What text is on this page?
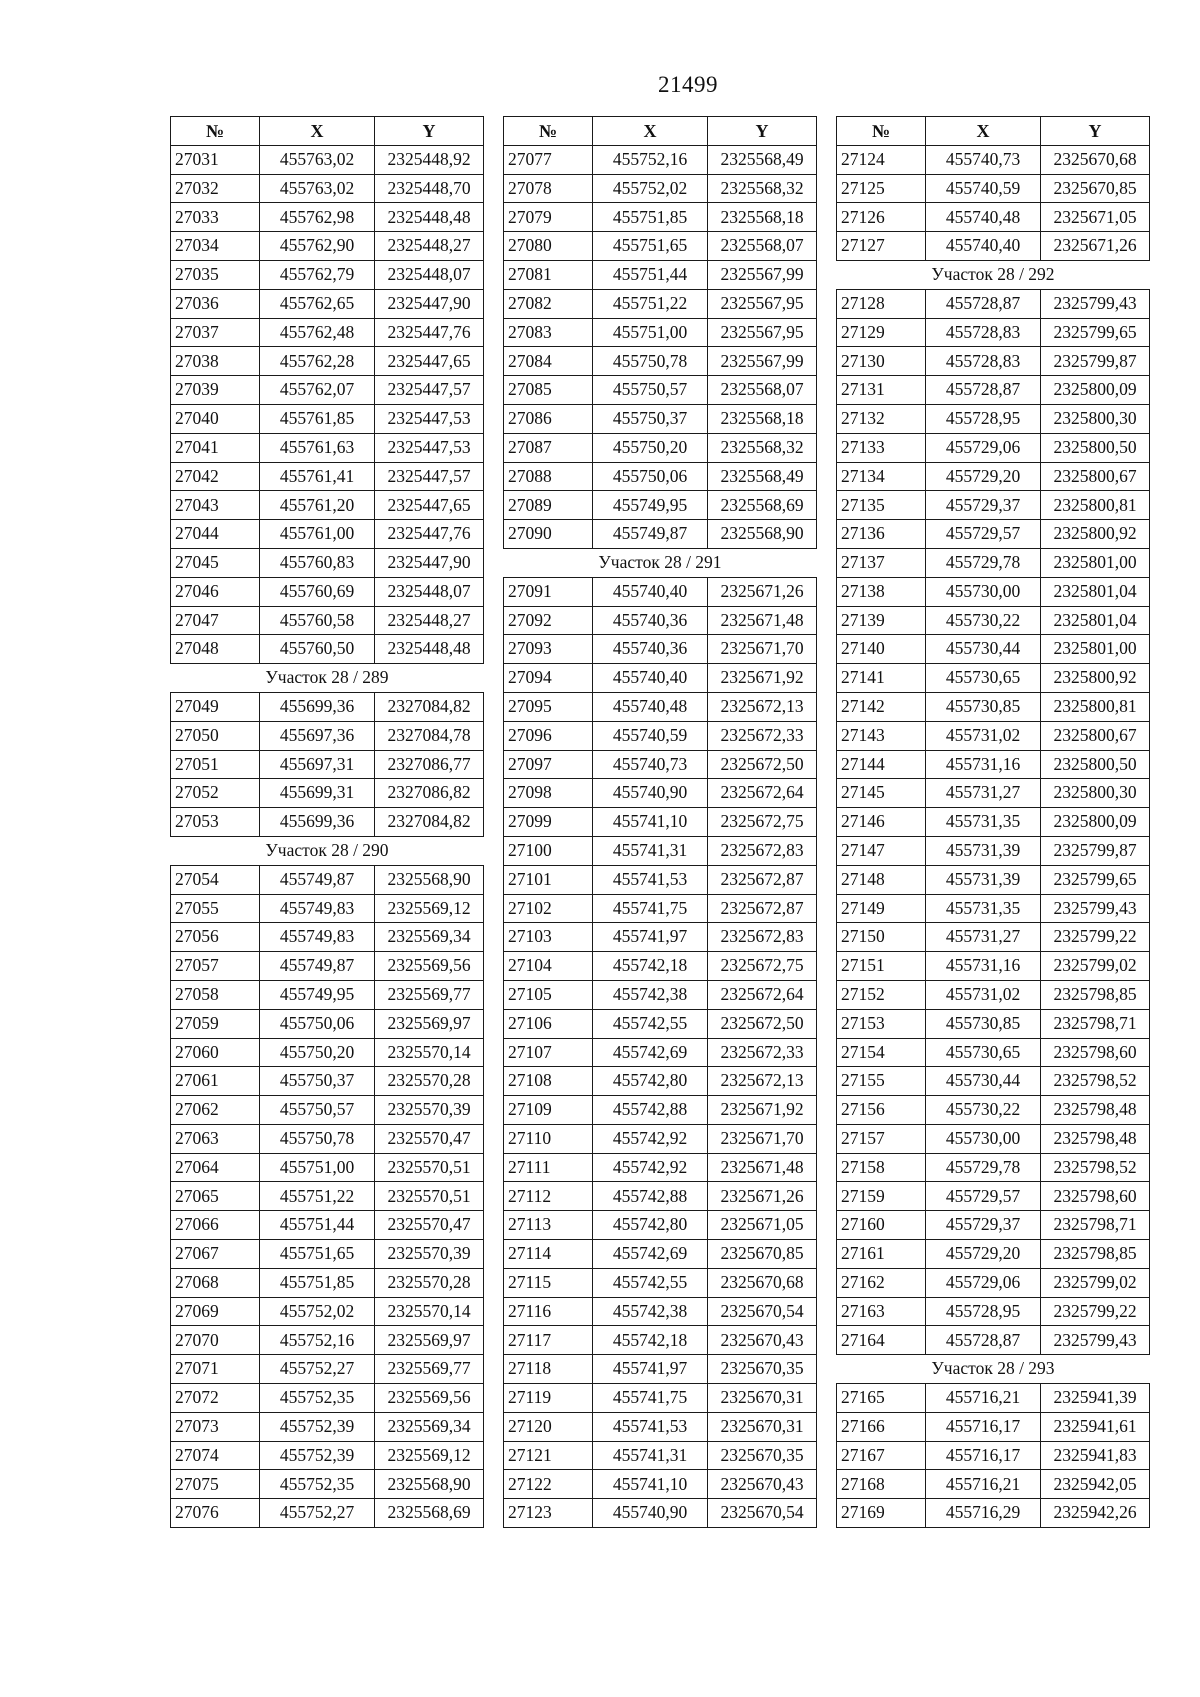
21499
№	X	Y
27031	455763,02	2325448,92
27032	455763,02	2325448,70
27033	455762,98	2325448,48
27034	455762,90	2325448,27
27035	455762,79	2325448,07
27036	455762,65	2325447,90
27037	455762,48	2325447,76
27038	455762,28	2325447,65
27039	455762,07	2325447,57
27040	455761,85	2325447,53
27041	455761,63	2325447,53
27042	455761,41	2325447,57
27043	455761,20	2325447,65
27044	455761,00	2325447,76
27045	455760,83	2325447,90
27046	455760,69	2325448,07
27047	455760,58	2325448,27
27048	455760,50	2325448,48
Участок 28 / 289		
27049	455699,36	2327084,82
27050	455697,36	2327084,78
27051	455697,31	2327086,77
27052	455699,31	2327086,82
27053	455699,36	2327084,82
Участок 28 / 290		
27054	455749,87	2325568,90
27055	455749,83	2325569,12
27056	455749,83	2325569,34
27057	455749,87	2325569,56
27058	455749,95	2325569,77
27059	455750,06	2325569,97
27060	455750,20	2325570,14
27061	455750,37	2325570,28
27062	455750,57	2325570,39
27063	455750,78	2325570,47
27064	455751,00	2325570,51
27065	455751,22	2325570,51
27066	455751,44	2325570,47
27067	455751,65	2325570,39
27068	455751,85	2325570,28
27069	455752,02	2325570,14
27070	455752,16	2325569,97
27071	455752,27	2325569,77
27072	455752,35	2325569,56
27073	455752,39	2325569,34
27074	455752,39	2325569,12
27075	455752,35	2325568,90
27076	455752,27	2325568,69
№	X	Y
27077	455752,16	2325568,49
27078	455752,02	2325568,32
27079	455751,85	2325568,18
27080	455751,65	2325568,07
27081	455751,44	2325567,99
27082	455751,22	2325567,95
27083	455751,00	2325567,95
27084	455750,78	2325567,99
27085	455750,57	2325568,07
27086	455750,37	2325568,18
27087	455750,20	2325568,32
27088	455750,06	2325568,49
27089	455749,95	2325568,69
27090	455749,87	2325568,90
Участок 28 / 291		
27091	455740,40	2325671,26
27092	455740,36	2325671,48
27093	455740,36	2325671,70
27094	455740,40	2325671,92
27095	455740,48	2325672,13
27096	455740,59	2325672,33
27097	455740,73	2325672,50
27098	455740,90	2325672,64
27099	455741,10	2325672,75
27100	455741,31	2325672,83
27101	455741,53	2325672,87
27102	455741,75	2325672,87
27103	455741,97	2325672,83
27104	455742,18	2325672,75
27105	455742,38	2325672,64
27106	455742,55	2325672,50
27107	455742,69	2325672,33
27108	455742,80	2325672,13
27109	455742,88	2325671,92
27110	455742,92	2325671,70
27111	455742,92	2325671,48
27112	455742,88	2325671,26
27113	455742,80	2325671,05
27114	455742,69	2325670,85
27115	455742,55	2325670,68
27116	455742,38	2325670,54
27117	455742,18	2325670,43
27118	455741,97	2325670,35
27119	455741,75	2325670,31
27120	455741,53	2325670,31
27121	455741,31	2325670,35
27122	455741,10	2325670,43
27123	455740,90	2325670,54
№	X	Y
27124	455740,73	2325670,68
27125	455740,59	2325670,85
27126	455740,48	2325671,05
27127	455740,40	2325671,26
Участок 28 / 292		
27128	455728,87	2325799,43
27129	455728,83	2325799,65
27130	455728,83	2325799,87
27131	455728,87	2325800,09
27132	455728,95	2325800,30
27133	455729,06	2325800,50
27134	455729,20	2325800,67
27135	455729,37	2325800,81
27136	455729,57	2325800,92
27137	455729,78	2325801,00
27138	455730,00	2325801,04
27139	455730,22	2325801,04
27140	455730,44	2325801,00
27141	455730,65	2325800,92
27142	455730,85	2325800,81
27143	455731,02	2325800,67
27144	455731,16	2325800,50
27145	455731,27	2325800,30
27146	455731,35	2325800,09
27147	455731,39	2325799,87
27148	455731,39	2325799,65
27149	455731,35	2325799,43
27150	455731,27	2325799,22
27151	455731,16	2325799,02
27152	455731,02	2325798,85
27153	455730,85	2325798,71
27154	455730,65	2325798,60
27155	455730,44	2325798,52
27156	455730,22	2325798,48
27157	455730,00	2325798,48
27158	455729,78	2325798,52
27159	455729,57	2325798,60
27160	455729,37	2325798,71
27161	455729,20	2325798,85
27162	455729,06	2325799,02
27163	455728,95	2325799,22
27164	455728,87	2325799,43
Участок 28 / 293		
27165	455716,21	2325941,39
27166	455716,17	2325941,61
27167	455716,17	2325941,83
27168	455716,21	2325942,05
27169	455716,29	2325942,26
